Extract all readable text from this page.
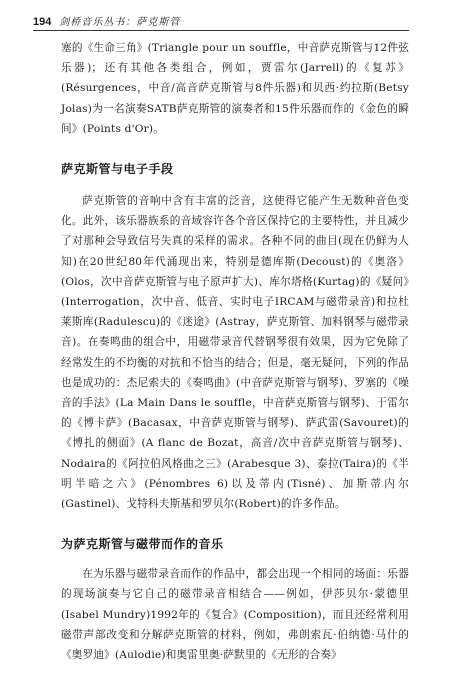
194 剑桥音乐丛书：萨克斯管

塞的《生命三角》(Triangle pour un souffle，中音萨克斯管与12件弦乐器)；还有其他各类组合，例如，贾雷尔(Jarrell)的《复苏》(Résurgences，中音/高音萨克斯管与8件乐器)和贝西·约拉斯(Betsy Jolas)为一名演奏SATB萨克斯管的演奏者和15件乐器而作的《金色的瞬间》(Points d'Or)。

萨克斯管与电子手段

萨克斯管的音响中含有丰富的泛音，这使得它能产生无数种音色变化。此外，该乐器族系的音域容许各个音区保持它的主要特性，并且减少了对那种会导致信号失真的采样的需求。各种不同的曲目(现在仍鲜为人知)在20世纪80年代涌现出来，特别是德库斯(Decoust)的《奥洛》(Olos，次中音萨克斯管与电子原声扩大)、库尔塔格(Kurtag)的《疑问》(Interrogation，次中音、低音、实时电子IRCAM与磁带录音)和拉杜莱斯库(Radulescu)的《迷途》(Astray，萨克斯管、加料钢琴与磁带录音)。在奏鸣曲的组合中，用磁带录音代替钢琴很有效果，因为它免除了经常发生的不均衡的对抗和不恰当的结合；但是，毫无疑问，下列的作品也是成功的：杰尼索夫的《奏鸣曲》(中音萨克斯管与钢琴)、罗塞的《噪音的手法》(La Main Dans le souffle，中音萨克斯管与钢琴)、于雷尔的《博卡萨》(Bacasax，中音萨克斯管与钢琴)、萨武雷(Savouret)的《博扎的侧面》(A flanc de Bozat，高音/次中音萨克斯管与钢琴)、Nodaira的《阿拉伯风格曲之三》(Arabesque 3)、泰拉(Taira)的《半明半暗之六》(Pénombres 6)以及蒂内(Tisné)、加斯蒂内尔(Gastinel)、戈特科夫斯基和罗贝尔(Robert)的许多作品。

为萨克斯管与磁带而作的音乐

在为乐器与磁带录音而作的作品中，都会出现一个相同的场面：乐器的现场演奏与它自己的磁带录音相结合——例如，伊莎贝尔·蒙德里(Isabel Mundry)1992年的《复合》(Composition)，而且还经常利用磁带声部改变和分解萨克斯管的材料，例如，弗朗索瓦·伯纳德·马什的《奥罗迪》(Aulodie)和奥雷里奥·萨默里的《无形的合奏》
